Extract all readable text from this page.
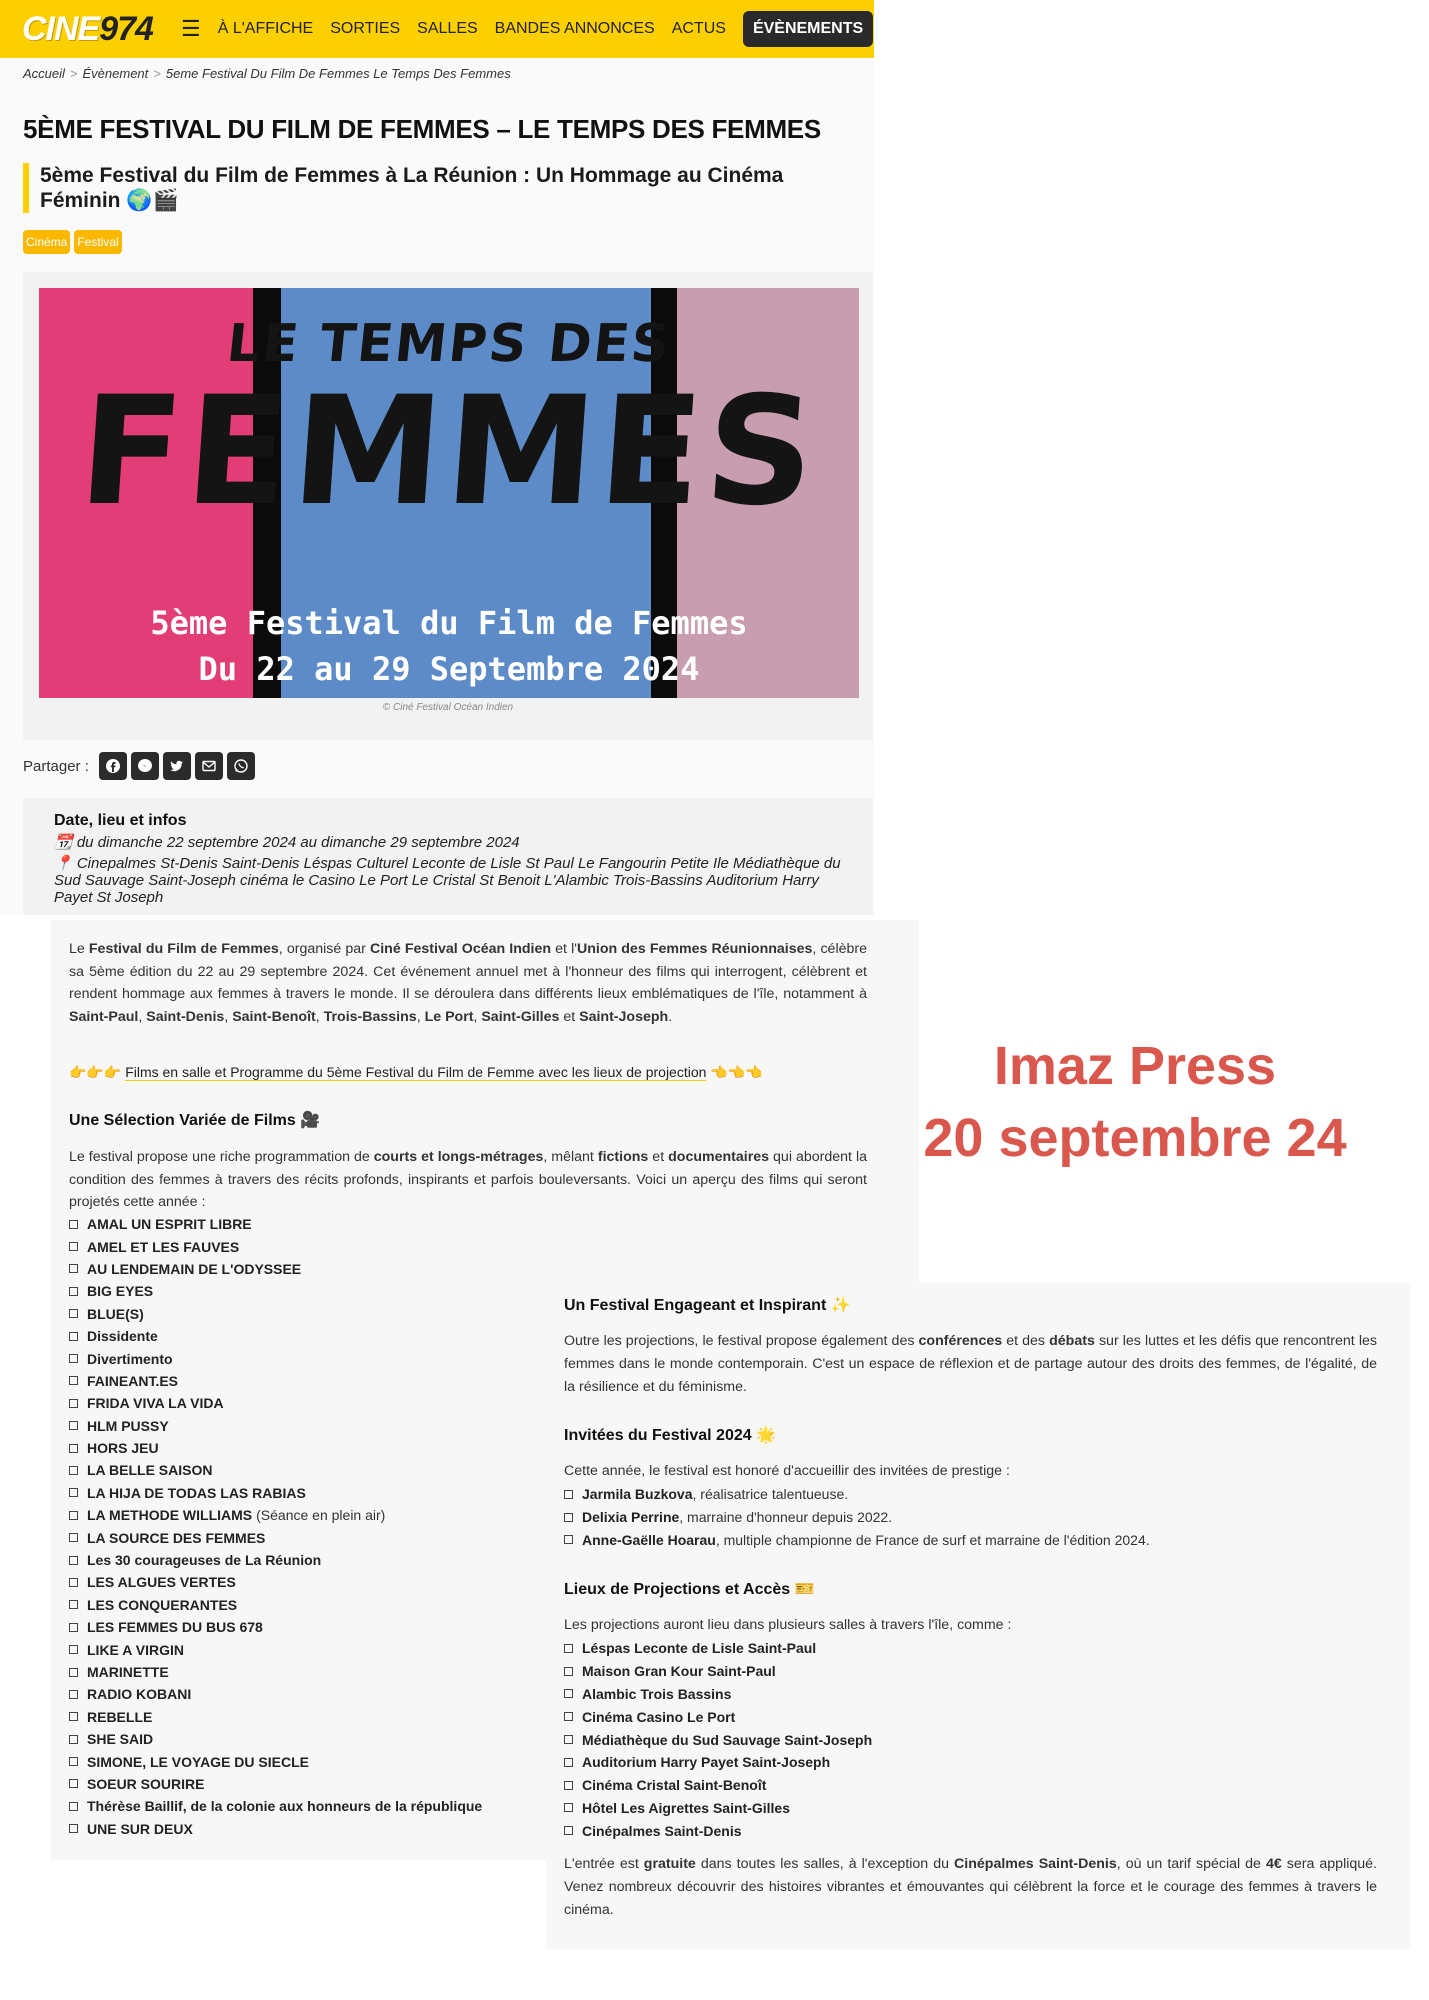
CINE974 ☰ À L'AFFICHE SORTIES SALLES BANDES ANNONCES ACTUS	ÉVÈNEMENTS
Accueil > Évènement > 5eme Festival Du Film De Femmes Le Temps Des Femmes
5ÈME FESTIVAL DU FILM DE FEMMES – LE TEMPS DES FEMMES
5ème Festival du Film de Femmes à La Réunion : Un Hommage au Cinéma Féminin 🌍🎬
Cinéma Festival
LE TEMPS DES
FEMMES
5ème Festival du Film de Femmes
Du 22 au 29 Septembre 2024
© Ciné Festival Océan Indien
Partager :
Date, lieu et infos
📆 du dimanche 22 septembre 2024 au dimanche 29 septembre 2024
📍 Cinepalmes St-Denis Saint-Denis Léspas Culturel Leconte de Lisle St Paul Le Fangourin Petite Ile Médiathèque du Sud Sauvage Saint-Joseph cinéma le Casino Le Port Le Cristal St Benoit L'Alambic Trois-Bassins Auditorium Harry Payet St Joseph
Le Festival du Film de Femmes, organisé par Ciné Festival Océan Indien et l'Union des Femmes Réunionnaises, célèbre sa 5ème édition du 22 au 29 septembre 2024. Cet événement annuel met à l'honneur des films qui interrogent, célèbrent et rendent hommage aux femmes à travers le monde. Il se déroulera dans différents lieux emblématiques de l'île, notamment à Saint-Paul, Saint-Denis, Saint-Benoît, Trois-Bassins, Le Port, Saint-Gilles et Saint-Joseph.
👉👉👉 Films en salle et Programme du 5ème Festival du Film de Femme avec les lieux de projection 👈👈👈
Une Sélection Variée de Films 🎥
Le festival propose une riche programmation de courts et longs-métrages, mêlant fictions et documentaires qui abordent la condition des femmes à travers des récits profonds, inspirants et parfois bouleversants. Voici un aperçu des films qui seront projetés cette année :
AMAL UN ESPRIT LIBRE
AMEL ET LES FAUVES
AU LENDEMAIN DE L'ODYSSEE
BIG EYES
BLUE(S)
Dissidente
Divertimento
FAINEANT.ES
FRIDA VIVA LA VIDA
HLM PUSSY
HORS JEU
LA BELLE SAISON
LA HIJA DE TODAS LAS RABIAS
LA METHODE WILLIAMS (Séance en plein air)
LA SOURCE DES FEMMES
Les 30 courageuses de La Réunion
LES ALGUES VERTES
LES CONQUERANTES
LES FEMMES DU BUS 678
LIKE A VIRGIN
MARINETTE
RADIO KOBANI
REBELLE
SHE SAID
SIMONE, LE VOYAGE DU SIECLE
SOEUR SOURIRE
Thérèse Baillif, de la colonie aux honneurs de la république
UNE SUR DEUX
Imaz Press
20 septembre 24
Un Festival Engageant et Inspirant ✨
Outre les projections, le festival propose également des conférences et des débats sur les luttes et les défis que rencontrent les femmes dans le monde contemporain. C'est un espace de réflexion et de partage autour des droits des femmes, de l'égalité, de la résilience et du féminisme.
Invitées du Festival 2024 🌟
Cette année, le festival est honoré d'accueillir des invitées de prestige :
Jarmila Buzkova , réalisatrice talentueuse.
Delixia Perrine , marraine d'honneur depuis 2022.
Anne-Gaëlle Hoarau , multiple championne de France de surf et marraine de l'édition 2024.
Lieux de Projections et Accès 🎫
Les projections auront lieu dans plusieurs salles à travers l'île, comme :
Léspas Leconte de Lisle Saint-Paul
Maison Gran Kour Saint-Paul
Alambic Trois Bassins
Cinéma Casino Le Port
Médiathèque du Sud Sauvage Saint-Joseph
Auditorium Harry Payet Saint-Joseph
Cinéma Cristal Saint-Benoît
Hôtel Les Aigrettes Saint-Gilles
Cinépalmes Saint-Denis
L'entrée est gratuite dans toutes les salles, à l'exception du Cinépalmes Saint-Denis, où un tarif spécial de 4€ sera appliqué. Venez nombreux découvrir des histoires vibrantes et émouvantes qui célèbrent la force et le courage des femmes à travers le cinéma.
